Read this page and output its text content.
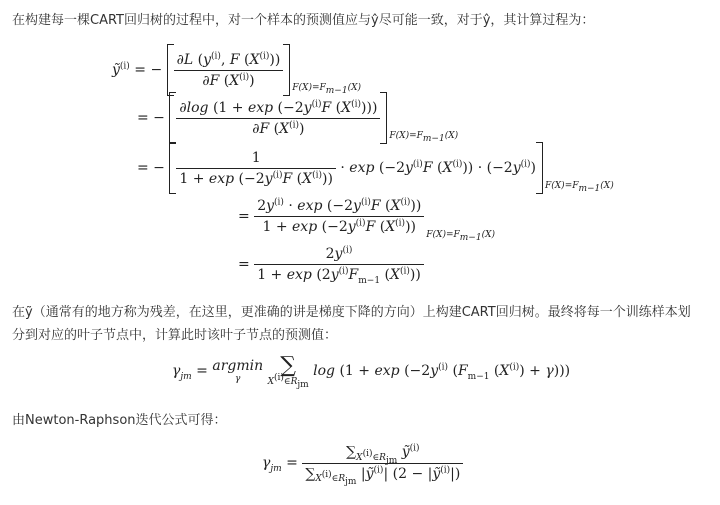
在构建每一棵CART回归树的过程中，对一个样本的预测值应与ŷ尽可能一致，对于ŷ，其计算过程为：
ỹ$^{(i)}$ = − $\frac{\partial L (y^{(i)}, F (X^{(i)}))}{\partial F (X^{(i)})} _{F(X)=F_{m-1}(X)}$
= − $\frac{\partial\log (1 + \exp (-2y^{(i)}F (X^{(i)})))}{\partial F (X^{(i)})} _{F(X)=F_{m-1}(X)}$
= − $\frac{1}{1 + \exp (-2y^{(i)}F (X^{(i)}))} \cdot \exp (-2y^{(i)}F$ $(X^{(i)})) \cdot (-2y^{(i)})_{F(X)=F_{m-1}(X)}$
= $\frac{2y^{(i)} \cdot \exp (-2y^{(i)}F (X^{(i)}))}{1 + \exp (-2y^{(i)}F (X^{(i)}))} _{F(X)=F_{m-1}(X)}$
= $\frac{2y^{(i)}}{1 + \exp (2y^{(i)}F_{m-1} (X^{(i)}))}$
在ỹ（通常有的地方称为残差，在这里，更准确的讲是梯度下降的方向）上构建CART回归树。最终将每一个训练样本划
分到对应的叶子节点中，计算此时该叶子节点的预测值：
$\gamma_{jm} = argmin$
γ

∑
$X^{(i)}\in R_{jm}$
$\log (1 + \exp (-2y^{(i)}$ ($F_{m-1}$ $(X^{(i)}) + \gamma$)))
由Newton-Raphson迭代公式可得：
$\gamma_{jm} = \frac{\sum_{X^{(i)}\in R_{jm}} ỹ^{(i)}}{\sum_{X^{(i)}\in R_{jm}} |ỹ^{(i)}| (2 - |ỹ^{(i)}|)}$
